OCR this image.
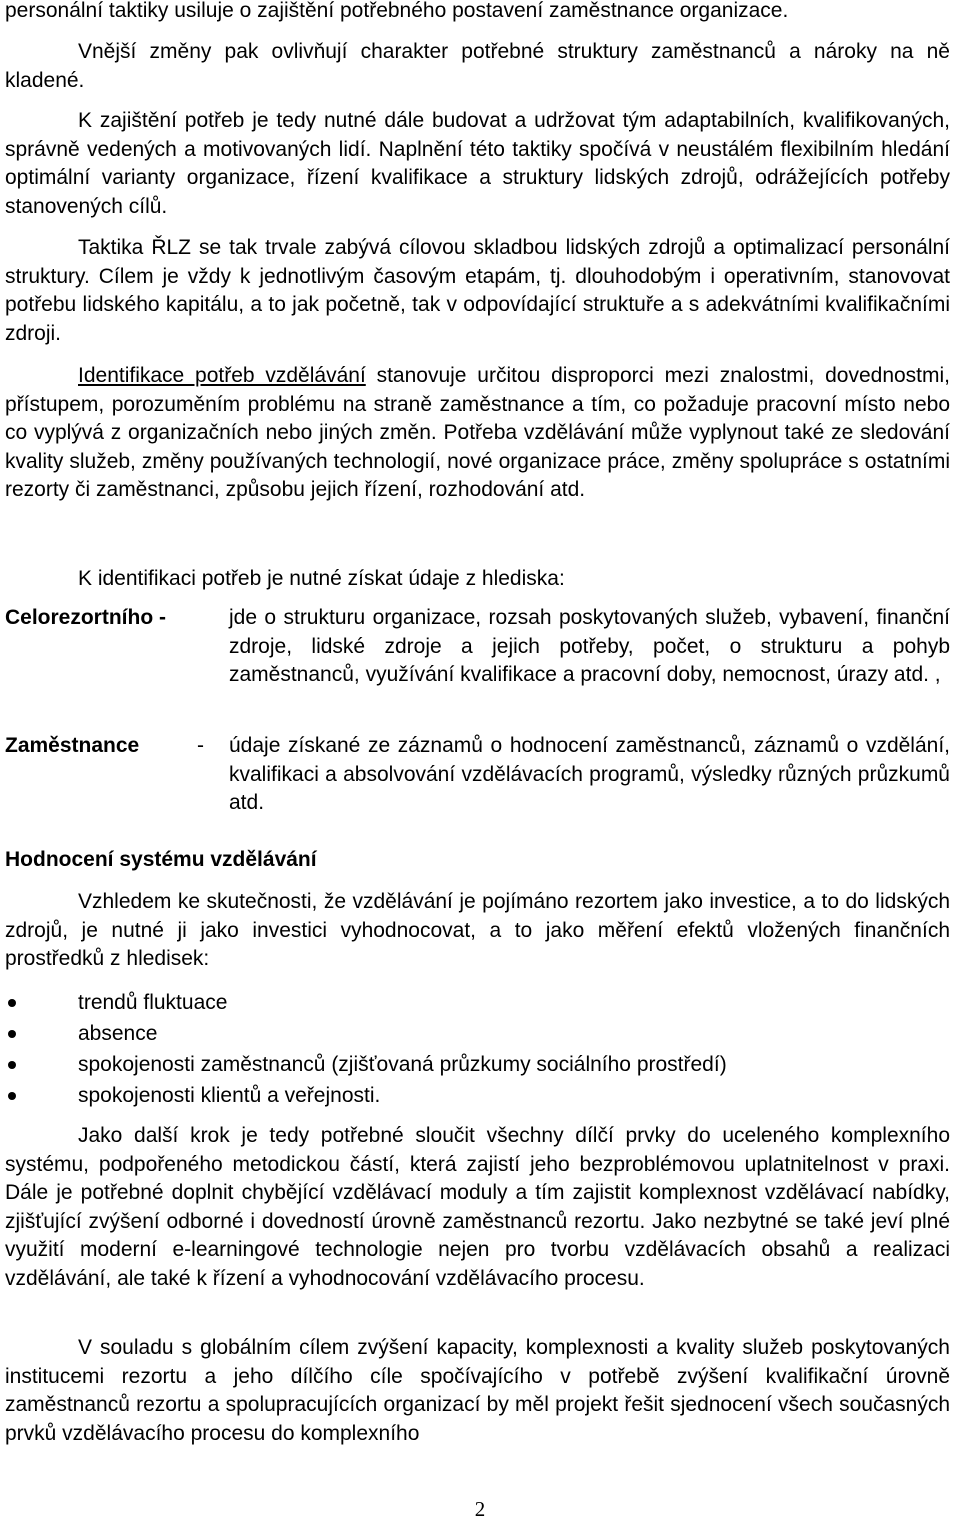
personální taktiky usiluje o zajištění potřebného postavení zaměstnance organizace.

Vnější změny pak ovlivňují charakter potřebné struktury zaměstnanců a nároky na ně kladené.

K zajištění potřeb je tedy nutné dále budovat a udržovat tým adaptabilních, kvalifikovaných, správně vedených a motivovaných lidí. Naplnění této taktiky spočívá v neustálém flexibilním hledání optimální varianty organizace, řízení kvalifikace a struktury lidských zdrojů, odrážejících potřeby stanovených cílů.

Taktika ŘLZ se tak trvale zabývá cílovou skladbou lidských zdrojů a optimalizací personální struktury. Cílem je vždy k jednotlivým časovým etapám, tj. dlouhodobým i operativním, stanovovat potřebu lidského kapitálu, a to jak početně, tak v odpovídající struktuře a s adekvátními kvalifikačními zdroji.

Identifikace potřeb vzdělávání stanovuje určitou disproporci mezi znalostmi, dovednostmi, přístupem, porozuměním problému na straně zaměstnance a tím, co požaduje pracovní místo nebo co vyplývá z organizačních nebo jiných změn. Potřeba vzdělávání může vyplynout také ze sledování kvality služeb, změny používaných technologií, nové organizace práce, změny spolupráce s ostatními rezorty či zaměstnanci, způsobu jejich řízení, rozhodování atd.

K identifikaci potřeb je nutné získat údaje z hlediska:

Celorezortního -	jde o strukturu organizace, rozsah poskytovaných služeb, vybavení, finanční zdroje, lidské zdroje a jejich potřeby, počet, o strukturu a pohyb zaměstnanců, využívání kvalifikace a pracovní doby, nemocnost, úrazy atd. ,

Zaměstnance	- údaje získané ze záznamů o hodnocení zaměstnanců, záznamů o vzdělání, kvalifikaci a absolvování vzdělávacích programů, výsledky různých průzkumů atd.

Hodnocení systému vzdělávání

Vzhledem ke skutečnosti, že vzdělávání je pojímáno rezortem jako investice, a to do lidských zdrojů, je nutné ji jako investici vyhodnocovat, a to jako měření efektů vložených finančních prostředků z hledisek:

trendů fluktuace
absence
spokojenosti zaměstnanců (zjišťovaná průzkumy sociálního prostředí)
spokojenosti klientů a veřejnosti.

Jako další krok je tedy potřebné sloučit všechny dílčí prvky do uceleného komplexního systému, podpořeného metodickou částí, která zajistí jeho bezproblémovou uplatnitelnost v praxi. Dále je potřebné doplnit chybějící vzdělávací moduly a tím zajistit komplexnost vzdělávací nabídky, zjišťující zvýšení odborné i dovedností úrovně zaměstnanců rezortu. Jako nezbytné se také jeví plné využití moderní e-learningové technologie nejen pro tvorbu vzdělávacích obsahů a realizaci vzdělávání, ale také k řízení a vyhodnocování vzdělávacího procesu.

V souladu s globálním cílem zvýšení kapacity, komplexnosti a kvality služeb poskytovaných institucemi rezortu a jeho dílčího cíle spočívajícího v potřebě zvýšení kvalifikační úrovně zaměstnanců rezortu a spolupracujících organizací by měl projekt řešit sjednocení všech současných prvků vzdělávacího procesu do komplexního

2
